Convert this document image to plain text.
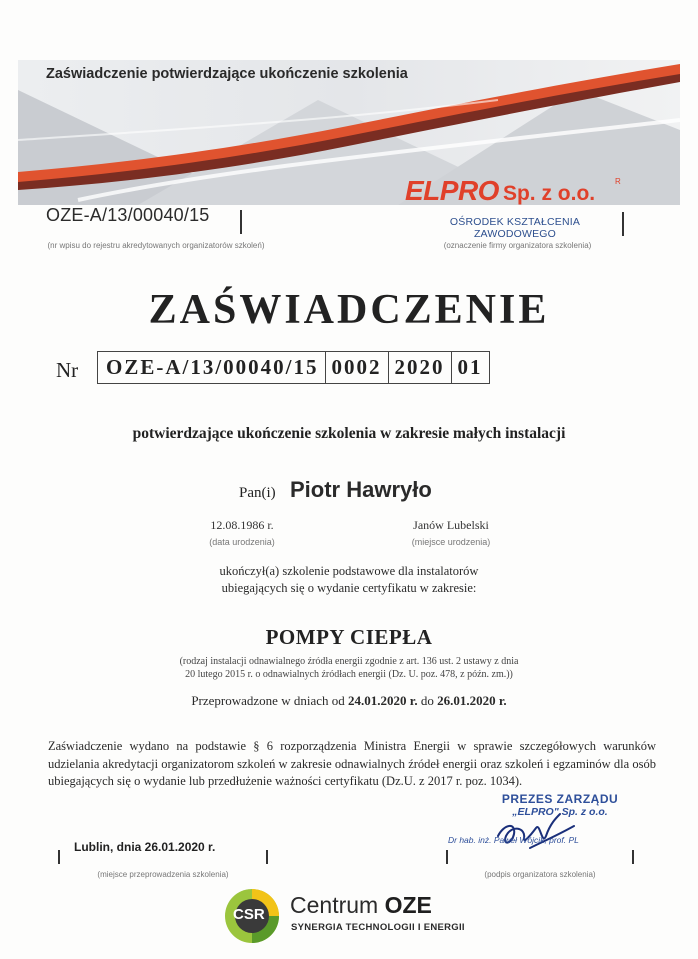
Zaświadczenie potwierdzające ukończenie szkolenia
OZE-A/13/00040/15
(nr wpisu do rejestru akredytowanych organizatorów szkoleń)
ELPRO Sp. z o.o.
R
OŚRODEK KSZTAŁCENIA ZAWODOWEGO
(oznaczenie firmy organizatora szkolenia)
ZAŚWIADCZENIE
Nr	OZE-A/13/00040/15 0002 2020 01
potwierdzające ukończenie szkolenia w zakresie małych instalacji
Pan(i) Piotr Hawryło
12.08.1986 r.
(data urodzenia)
Janów Lubelski
(miejsce urodzenia)
ukończył(a) szkolenie podstawowe dla instalatorów
ubiegających się o wydanie certyfikatu w zakresie:
POMPY CIEPŁA
(rodzaj instalacji odnawialnego źródła energii zgodnie z art. 136 ust. 2 ustawy z dnia
20 lutego 2015 r. o odnawialnych źródłach energii (Dz. U. poz. 478, z późn. zm.))
Przeprowadzone w dniach od 24.01.2020 r. do 26.01.2020 r.
Zaświadczenie wydano na podstawie § 6 rozporządzenia Ministra Energii w sprawie szczegółowych warunków udzielania akredytacji organizatorom szkoleń w zakresie odnawialnych źródeł energii oraz szkoleń i egzaminów dla osób ubiegających się o wydanie lub przedłużenie ważności certyfikatu (Dz.U. z 2017 r. poz. 1034).
Lublin, dnia 26.01.2020 r.
(miejsce przeprowadzenia szkolenia)
PREZES ZARZĄDU
„ELPRO" Sp. z o.o.
Dr hab. inż. Paweł Wójcik, prof. PL
(podpis organizatora szkolenia)
CSR Centrum OZE
SYNERGIA TECHNOLOGII I ENERGII
